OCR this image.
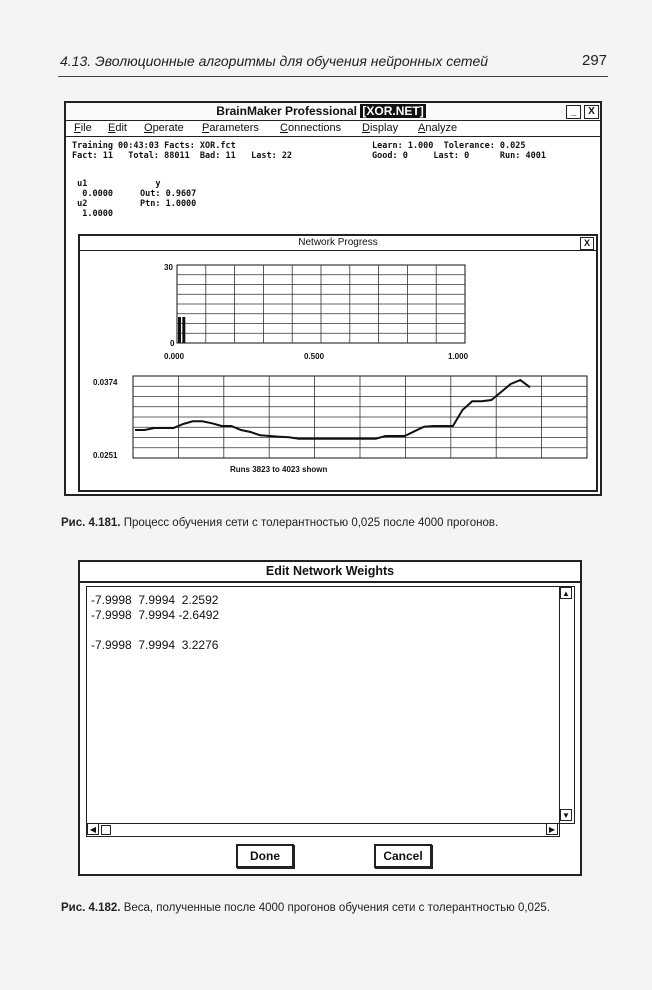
4.13. Эволюционные алгоритмы для обучения нейронных сетей	297
BrainMaker Professional [XOR.NET]	_	X
File Edit Operate Parameters Connections Display Analyze
Training 00:43:03 Facts: XOR.fct	Learn: 1.000  Tolerance: 0.025
Fact: 11   Total: 88011  Bad: 11   Last: 22	Good: 0     Last: 0      Run: 4001
u1
0.0000
u2
1.0000
y
Out: 0.9607
Ptn: 1.0000
Network Progress	X
30
0
0.000	0.500	1.000
0.0374
0.0251
Runs 3823 to 4023 shown
Рис. 4.181. Процесс обучения сети с толерантностью 0,025 после 4000 прогонов.
Edit Network Weights
-7.9998  7.9994  2.2592
-7.9998  7.9994 -2.6492

-7.9998  7.9994  3.2276
▲
▼
◀	▶
Done	Cancel
Рис. 4.182. Веса, полученные после 4000 прогонов обучения сети с толерантностью 0,025.
